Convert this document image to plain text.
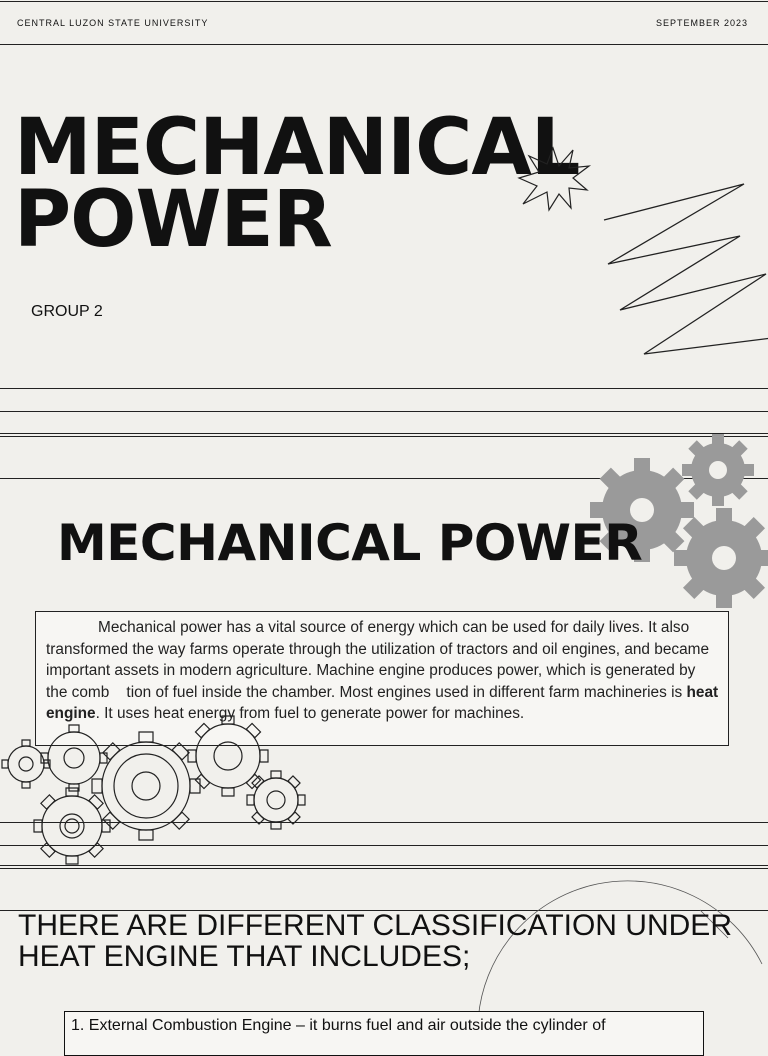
CENTRAL LUZON STATE UNIVERSITY	SEPTEMBER 2023
MECHANICAL
POWER
GROUP 2
MECHANICAL POWER
Mechanical power has a vital source of energy which can be used for daily lives. It also transformed the way farms operate through the utilization of tractors and oil engines, and became important assets in modern agriculture. Machine engine produces power, which is generated by the comb tion of fuel inside the chamber. Most engines used in different farm machineries is heat engine. It uses heat energy from fuel to generate power for machines.
THERE ARE DIFFERENT CLASSIFICATION UNDER HEAT ENGINE THAT INCLUDES;
1. External Combustion Engine – it burns fuel and air outside the cylinder of
